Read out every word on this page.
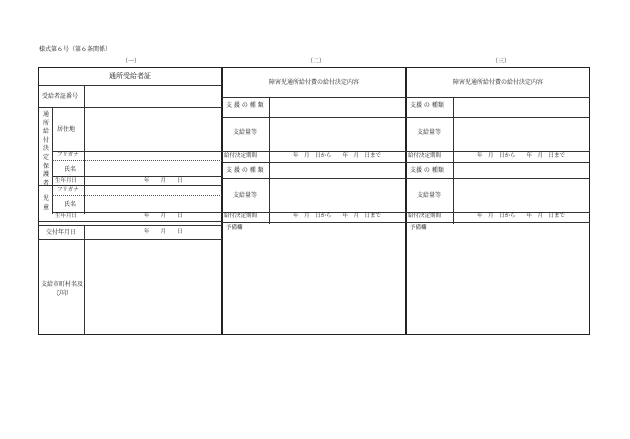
様式第６号（第６条関係）
（一）	（二）	（三）
通所受給者証
受給者証番号
通
所
給
付
決
定
保
護
者
居住地
フリガナ
氏名
生年月日	年　　月　　日
児
童
フリガナ
氏名
生年月日	年　　月　　日
交付年月日	年　　月　　日
支給市町村名及び印
障害児通所給付費の給付決定内容
支 援 の 種 類
支給量等
給付決定期間	年　月　日から　　年　月　日まで
支 援 の 種 類
支給量等
給付決定期間	年　月　日から　　年　月　日まで
予備欄
障害児通所給付費の給付決定内容
支援 の 種類
支給量等
給付決定期間	年　月　日から　　年　月　日まで
支援 の 種類
支給量等
給付決定期間	年　月　日から　　年　月　日まで
予備欄
